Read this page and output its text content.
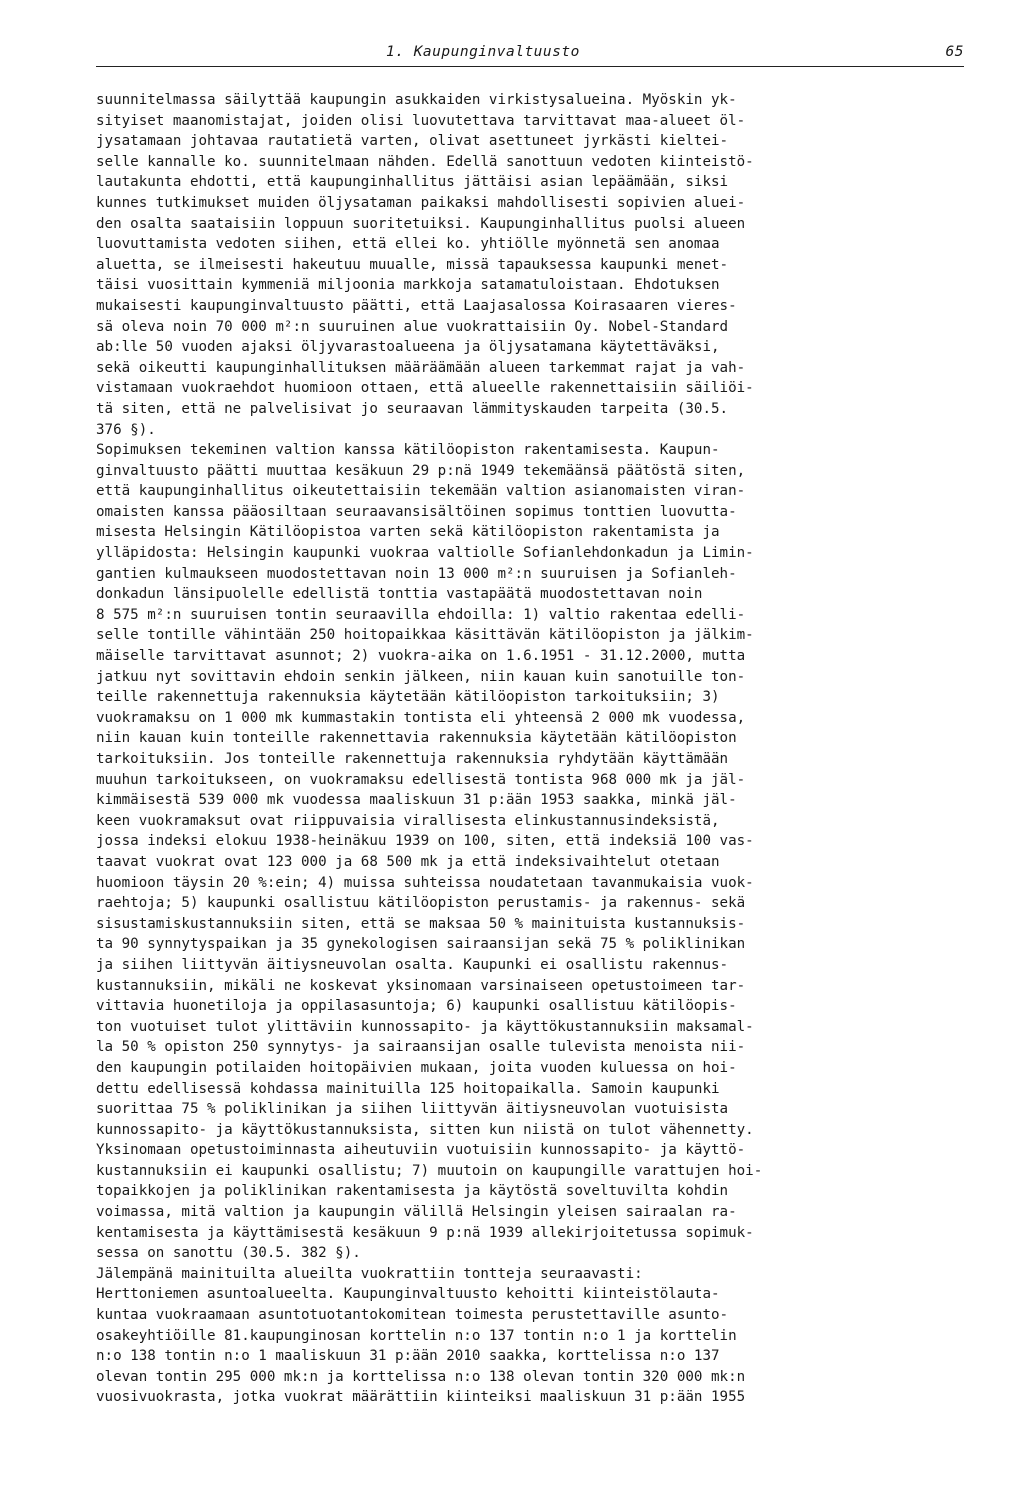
1. Kaupunginvaltuusto	65
suunnitelmassa säilyttää kaupungin asukkaiden virkistysalueina. Myöskin yk-
sityiset maanomistajat, joiden olisi luovutettava tarvittavat maa-alueet öl-
jysatamaan johtavaa rautatietä varten, olivat asettuneet jyrkästi kieltei-
selle kannalle ko. suunnitelmaan nähden. Edellä sanottuun vedoten kiinteistö-
lautakunta ehdotti, että kaupunginhallitus jättäisi asian lepäämään, siksi
kunnes tutkimukset muiden öljysataman paikaksi mahdollisesti sopivien aluei-
den osalta saataisiin loppuun suoritetuiksi. Kaupunginhallitus puolsi alueen
luovuttamista vedoten siihen, että ellei ko. yhtiölle myönnetä sen anomaa
aluetta, se ilmeisesti hakeutuu muualle, missä tapauksessa kaupunki menet-
täisi vuosittain kymmeniä miljoonia markkoja satamatuloistaan. Ehdotuksen
mukaisesti kaupunginvaltuusto päätti, että Laajasalossa Koirasaaren vieres-
sä oleva noin 70 000 m²:n suuruinen alue vuokrattaisiin Oy. Nobel-Standard
ab:lle 50 vuoden ajaksi öljyvarastoalueena ja öljysatamana käytettäväksi,
sekä oikeutti kaupunginhallituksen määräämään alueen tarkemmat rajat ja vah-
vistamaan vuokraehdot huomioon ottaen, että alueelle rakennettaisiin säiliöi-
tä siten, että ne palvelisivat jo seuraavan lämmityskauden tarpeita (30.5.
376 §).
Sopimuksen tekeminen valtion kanssa kätilöopiston rakentamisesta. Kaupun-
ginvaltuusto päätti muuttaa kesäkuun 29 p:nä 1949 tekemäänsä päätöstä siten,
että kaupunginhallitus oikeutettaisiin tekemään valtion asianomaisten viran-
omaisten kanssa pääosiltaan seuraavansisältöinen sopimus tonttien luovutta-
misesta Helsingin Kätilöopistoa varten sekä kätilöopiston rakentamista ja
ylläpidosta: Helsingin kaupunki vuokraa valtiolle Sofianlehdonkadun ja Limin-
gantien kulmaukseen muodostettavan noin 13 000 m²:n suuruisen ja Sofianleh-
donkadun länsipuolelle edellistä tonttia vastapäätä muodostettavan noin
8 575 m²:n suuruisen tontin seuraavilla ehdoilla: 1) valtio rakentaa edelli-
selle tontille vähintään 250 hoitopaikkaa käsittävän kätilöopiston ja jälkim-
mäiselle tarvittavat asunnot; 2) vuokra-aika on 1.6.1951 - 31.12.2000, mutta
jatkuu nyt sovittavin ehdoin senkin jälkeen, niin kauan kuin sanotuille ton-
teille rakennettuja rakennuksia käytetään kätilöopiston tarkoituksiin; 3)
vuokramaksu on 1 000 mk kummastakin tontista eli yhteensä 2 000 mk vuodessa,
niin kauan kuin tonteille rakennettavia rakennuksia käytetään kätilöopiston
tarkoituksiin. Jos tonteille rakennettuja rakennuksia ryhdytään käyttämään
muuhun tarkoitukseen, on vuokramaksu edellisestä tontista 968 000 mk ja jäl-
kimmäisestä 539 000 mk vuodessa maaliskuun 31 p:ään 1953 saakka, minkä jäl-
keen vuokramaksut ovat riippuvaisia virallisesta elinkustannusindeksistä,
jossa indeksi elokuu 1938-heinäkuu 1939 on 100, siten, että indeksiä 100 vas-
taavat vuokrat ovat 123 000 ja 68 500 mk ja että indeksivaihtelut otetaan
huomioon täysin 20 %:ein; 4) muissa suhteissa noudatetaan tavanmukaisia vuok-
raehtoja; 5) kaupunki osallistuu kätilöopiston perustamis- ja rakennus- sekä
sisustamiskustannuksiin siten, että se maksaa 50 % mainituista kustannuksis-
ta 90 synnytyspaikan ja 35 gynekologisen sairaansijan sekä 75 % poliklinikan
ja siihen liittyvän äitiysneuvolan osalta. Kaupunki ei osallistu rakennus-
kustannuksiin, mikäli ne koskevat yksinomaan varsinaiseen opetustoimeen tar-
vittavia huonetiloja ja oppilasasuntoja; 6) kaupunki osallistuu kätilöopis-
ton vuotuiset tulot ylittäviin kunnossapito- ja käyttökustannuksiin maksamal-
la 50 % opiston 250 synnytys- ja sairaansijan osalle tulevista menoista nii-
den kaupungin potilaiden hoitopäivien mukaan, joita vuoden kuluessa on hoi-
dettu edellisessä kohdassa mainituilla 125 hoitopaikalla. Samoin kaupunki
suorittaa 75 % poliklinikan ja siihen liittyvän äitiysneuvolan vuotuisista
kunnossapito- ja käyttökustannuksista, sitten kun niistä on tulot vähennetty.
Yksinomaan opetustoiminnasta aiheutuviin vuotuisiin kunnossapito- ja käyttö-
kustannuksiin ei kaupunki osallistu; 7) muutoin on kaupungille varattujen hoi-
topaikkojen ja poliklinikan rakentamisesta ja käytöstä soveltuvilta kohdin
voimassa, mitä valtion ja kaupungin välillä Helsingin yleisen sairaalan ra-
kentamisesta ja käyttämisestä kesäkuun 9 p:nä 1939 allekirjoitetussa sopimuk-
sessa on sanottu (30.5. 382 §).
Jälempänä mainituilta alueilta vuokrattiin tontteja seuraavasti:
Herttoniemen asuntoalueelta. Kaupunginvaltuusto kehoitti kiinteistölauta-
kuntaa vuokraamaan asuntotuotantokomitean toimesta perustettaville asunto-
osakeyhtiöille 81.kaupunginosan korttelin n:o 137 tontin n:o 1 ja korttelin
n:o 138 tontin n:o 1 maaliskuun 31 p:ään 2010 saakka, korttelissa n:o 137
olevan tontin 295 000 mk:n ja korttelissa n:o 138 olevan tontin 320 000 mk:n
vuosivuokrasta, jotka vuokrat määrättiin kiinteiksi maaliskuun 31 p:ään 1955
